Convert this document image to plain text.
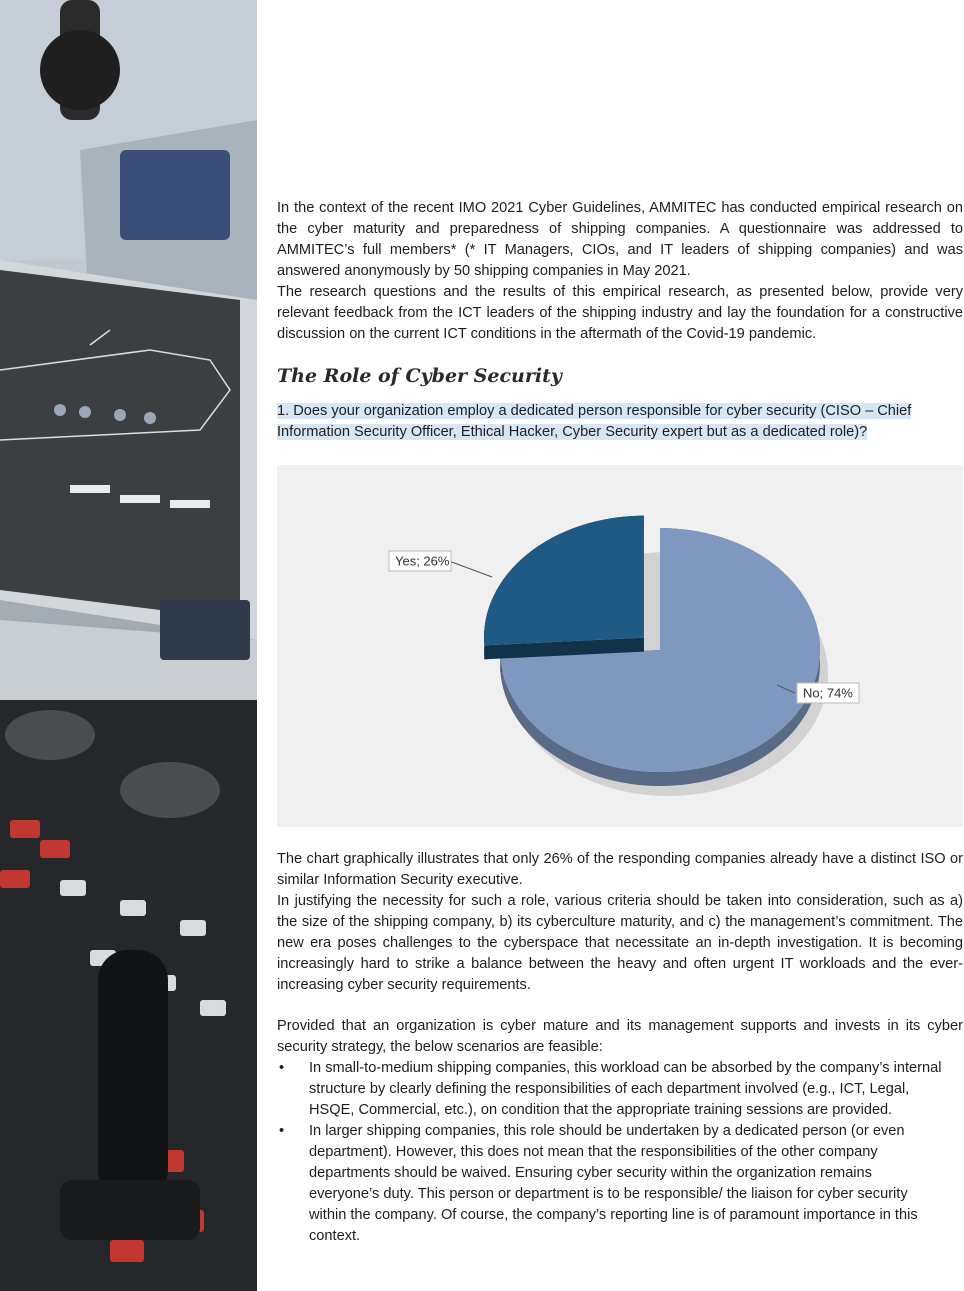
In the context of the recent IMO 2021 Cyber Guidelines, AMMITEC has conducted empirical research on the cyber maturity and preparedness of shipping companies. A questionnaire was addressed to AMMITEC’s full members* (* IT Managers, CIOs, and IT leaders of shipping companies) and was answered anonymously by 50 shipping companies in May 2021.

The research questions and the results of this empirical research, as presented below, provide very relevant feedback from the ICT leaders of the shipping industry and lay the foundation for a constructive discussion on the current ICT conditions in the aftermath of the Covid-19 pandemic.

The Role of Cyber Security

1. Does your organization employ a dedicated person responsible for cyber security (CISO – Chief Information Security Officer, Ethical Hacker, Cyber Security expert but as a dedicated role)?

Yes; 26%
No; 74%

The chart graphically illustrates that only 26% of the responding companies already have a distinct ISO or similar Information Security executive.

In justifying the necessity for such a role, various criteria should be taken into consideration, such as a) the size of the shipping company, b) its cyberculture maturity, and c) the management’s commitment. The new era poses challenges to the cyberspace that necessitate an in-depth investigation. It is becoming increasingly hard to strike a balance between the heavy and often urgent IT workloads and the ever-increasing cyber security requirements.

Provided that an organization is cyber mature and its management supports and invests in its cyber security strategy, the below scenarios are feasible:

• In small-to-medium shipping companies, this workload can be absorbed by the company’s internal structure by clearly defining the responsibilities of each department involved (e.g., ICT, Legal, HSQE, Commercial, etc.), on condition that the appropriate training sessions are provided.
• In larger shipping companies, this role should be undertaken by a dedicated person (or even department). However, this does not mean that the responsibilities of the other company departments should be waived. Ensuring cyber security within the organization remains everyone’s duty. This person or department is to be responsible/ the liaison for cyber security within the company. Of course, the company’s reporting line is of paramount importance in this context.
